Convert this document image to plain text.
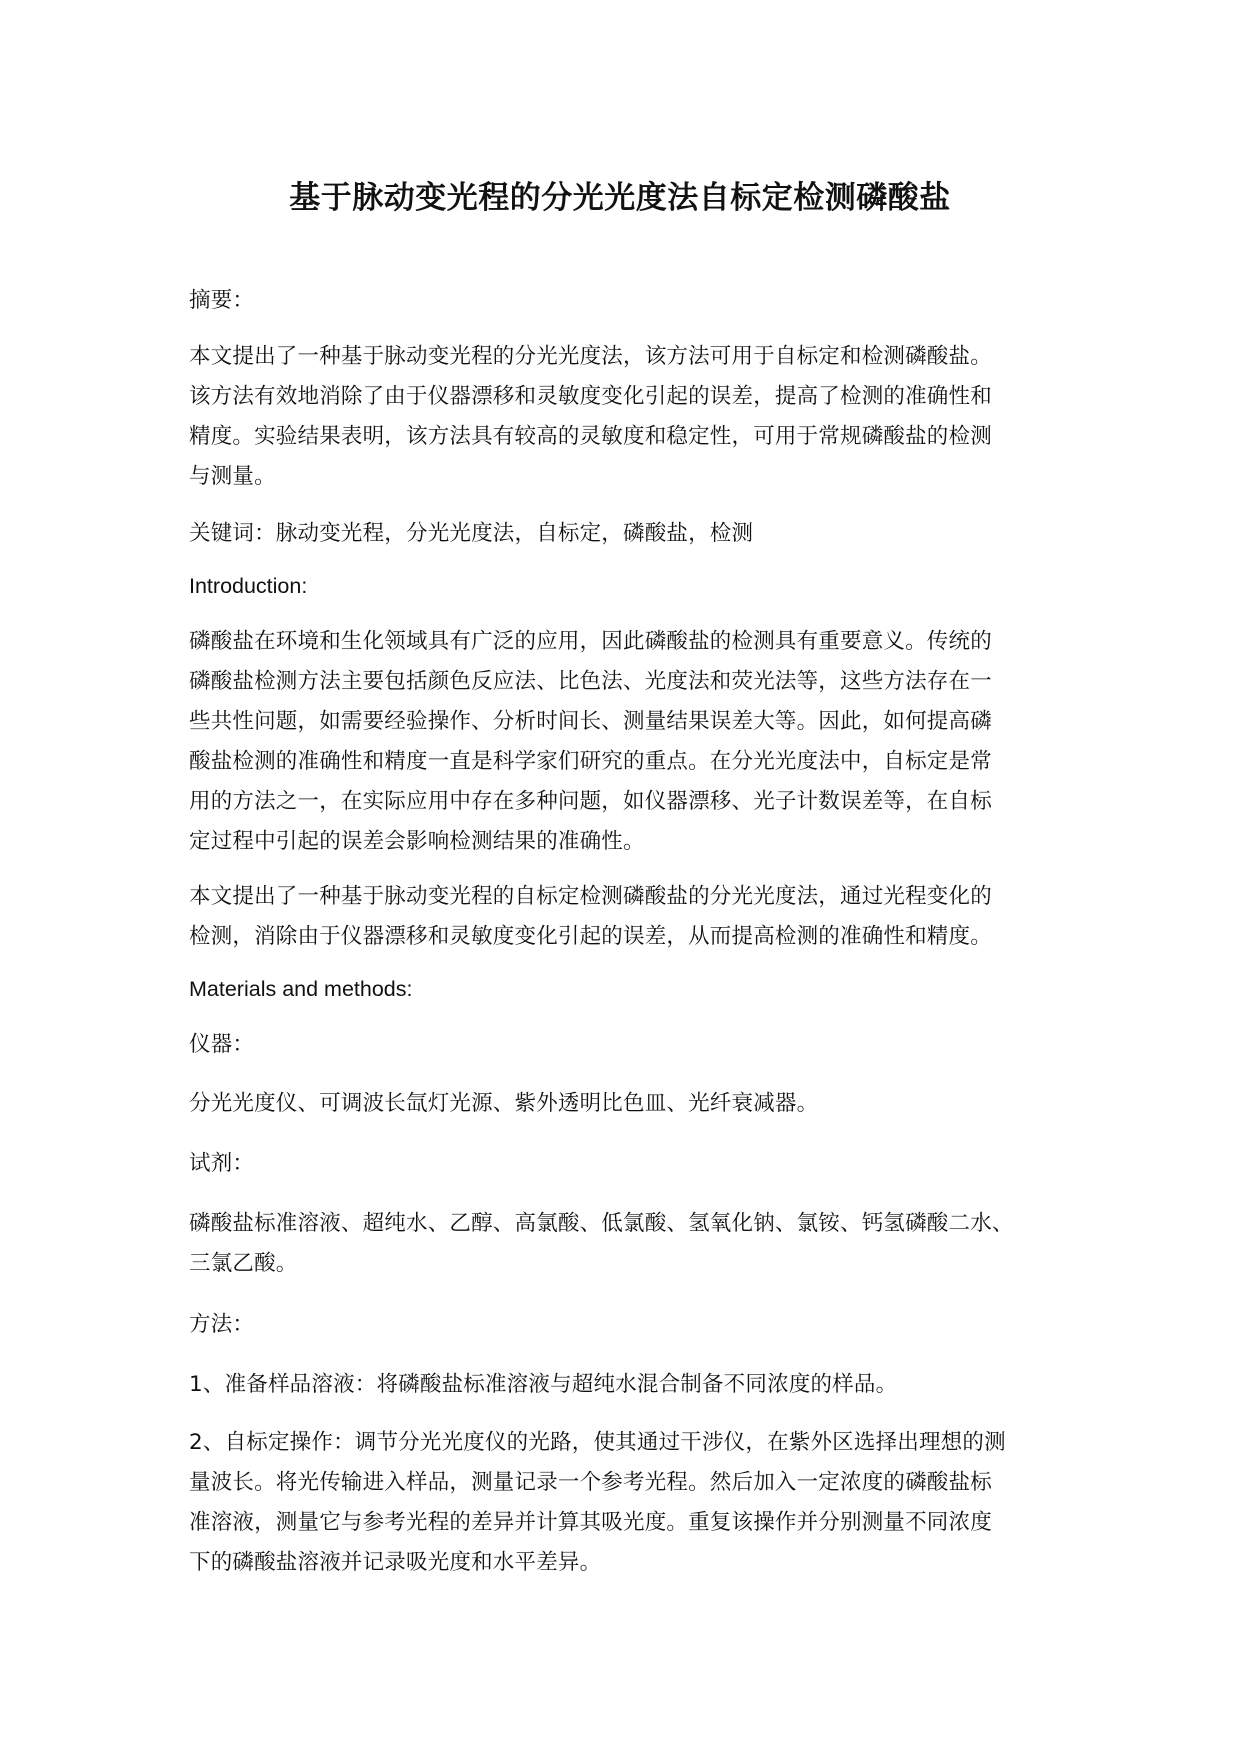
基于脉动变光程的分光光度法自标定检测磷酸盐

摘要：

本文提出了一种基于脉动变光程的分光光度法，该方法可用于自标定和检测磷酸盐。
该方法有效地消除了由于仪器漂移和灵敏度变化引起的误差，提高了检测的准确性和
精度。实验结果表明，该方法具有较高的灵敏度和稳定性，可用于常规磷酸盐的检测
与测量。

关键词：脉动变光程，分光光度法，自标定，磷酸盐，检测

Introduction:

磷酸盐在环境和生化领域具有广泛的应用，因此磷酸盐的检测具有重要意义。传统的
磷酸盐检测方法主要包括颜色反应法、比色法、光度法和荧光法等，这些方法存在一
些共性问题，如需要经验操作、分析时间长、测量结果误差大等。因此，如何提高磷
酸盐检测的准确性和精度一直是科学家们研究的重点。在分光光度法中，自标定是常
用的方法之一，在实际应用中存在多种问题，如仪器漂移、光子计数误差等，在自标
定过程中引起的误差会影响检测结果的准确性。

本文提出了一种基于脉动变光程的自标定检测磷酸盐的分光光度法，通过光程变化的
检测，消除由于仪器漂移和灵敏度变化引起的误差，从而提高检测的准确性和精度。

Materials and methods:

仪器：

分光光度仪、可调波长氙灯光源、紫外透明比色皿、光纤衰减器。

试剂：

磷酸盐标准溶液、超纯水、乙醇、高氯酸、低氯酸、氢氧化钠、氯铵、钙氢磷酸二水、
三氯乙酸。

方法：

1、准备样品溶液：将磷酸盐标准溶液与超纯水混合制备不同浓度的样品。

2、自标定操作：调节分光光度仪的光路，使其通过干涉仪，在紫外区选择出理想的测
量波长。将光传输进入样品，测量记录一个参考光程。然后加入一定浓度的磷酸盐标
准溶液，测量它与参考光程的差异并计算其吸光度。重复该操作并分别测量不同浓度
下的磷酸盐溶液并记录吸光度和水平差异。
